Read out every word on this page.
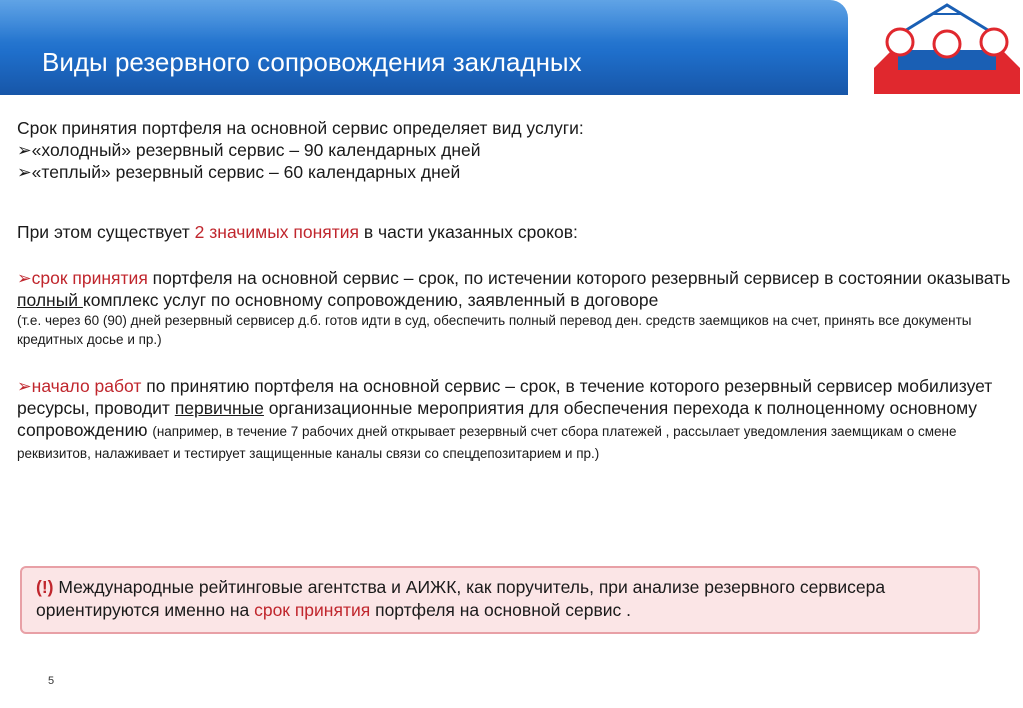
Виды резервного сопровождения закладных

Срок принятия портфеля на основной сервис определяет вид услуги:

➢«холодный» резервный сервис – 90 календарных дней

➢«теплый» резервный сервис – 60 календарных дней

При этом существует 2 значимых понятия в части указанных сроков:

➢срок принятия портфеля на основной сервис – срок, по истечении которого резервный сервисер в состоянии оказывать полный комплекс услуг по основному сопровождению, заявленный в договоре

(т.е. через 60 (90) дней резервный сервисер д.б. готов идти в суд, обеспечить полный перевод ден. средств заемщиков на счет, принять все документы кредитных досье и пр.)

➢начало работ по принятию портфеля на основной сервис – срок, в течение которого резервный сервисер мобилизует ресурсы, проводит первичные организационные мероприятия для обеспечения перехода к полноценному основному сопровождению (например, в течение 7 рабочих дней открывает резервный счет сбора платежей , рассылает уведомления заемщикам о смене реквизитов, налаживает и тестирует защищенные каналы связи со спецдепозитарием и пр.)

(!) Международные рейтинговые агентства и АИЖК, как поручитель, при анализе резервного сервисера ориентируются именно на срок принятия портфеля на основной сервис .
5
